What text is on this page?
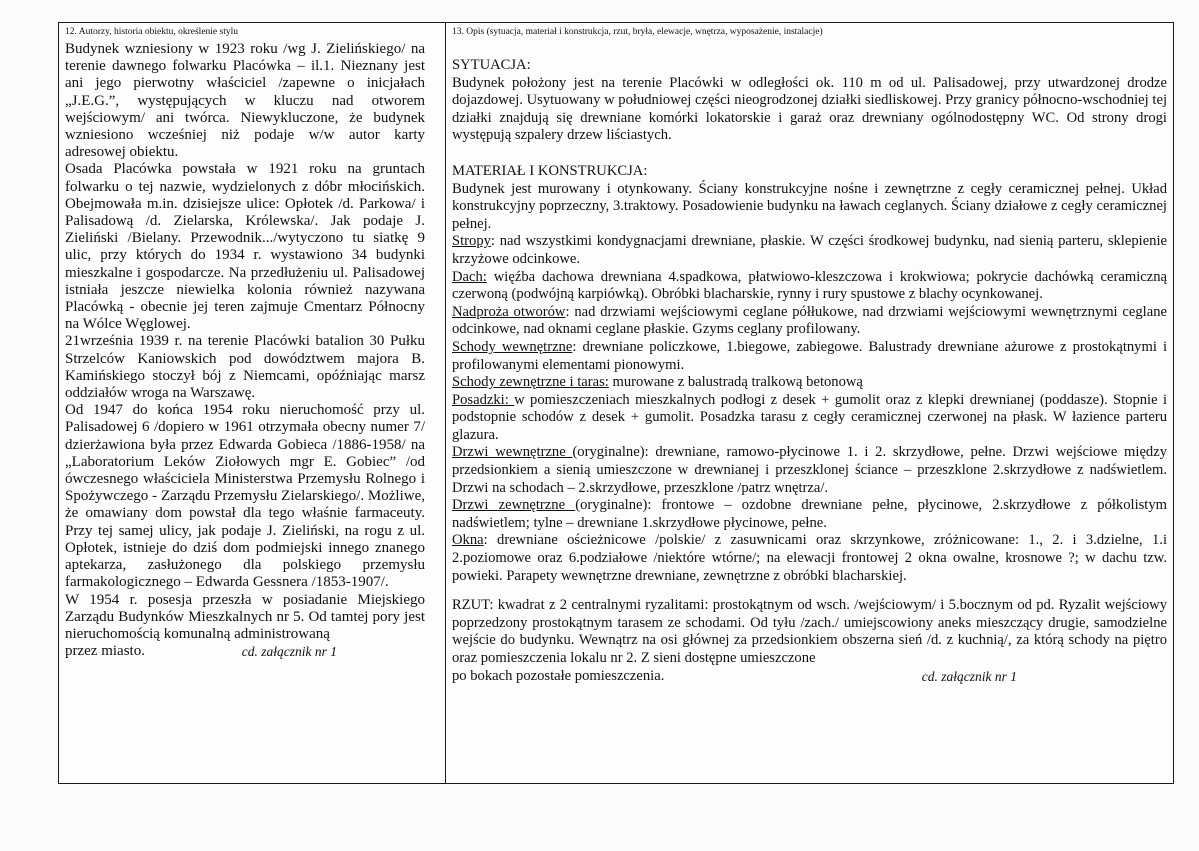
12. Autorzy, historia obiektu, określenie stylu

Budynek wzniesiony w 1923 roku /wg J. Zielińskiego/ na terenie dawnego folwarku Placówka – il.1. Nieznany jest ani jego pierwotny właściciel /zapewne o inicjałach „J.E.G.”, występujących w kluczu nad otworem wejściowym/ ani twórca. Niewykluczone, że budynek wzniesiono wcześniej niż podaje w/w autor karty adresowej obiektu.

Osada Placówka powstała w 1921 roku na gruntach folwarku o tej nazwie, wydzielonych z dóbr młocińskich. Obejmowała m.in. dzisiejsze ulice: Opłotek /d. Parkowa/ i Palisadową /d. Zielarska, Królewska/. Jak podaje J. Zieliński /Bielany. Przewodnik.../wytyczono tu siatkę 9 ulic, przy których do 1934 r. wystawiono 34 budynki mieszkalne i gospodarcze. Na przedłużeniu ul. Palisadowej istniała jeszcze niewielka kolonia również nazywana Placówką - obecnie jej teren zajmuje Cmentarz Północny na Wólce Węglowej.

21września 1939 r. na terenie Placówki batalion 30 Pułku Strzelców Kaniowskich pod dowództwem majora B. Kamińskiego stoczył bój z Niemcami, opóźniając marsz oddziałów wroga na Warszawę.

Od 1947 do końca 1954 roku nieruchomość przy ul. Palisadowej 6 /dopiero w 1961 otrzymała obecny numer 7/ dzierżawiona była przez Edwarda Gobieca /1886-1958/ na „Laboratorium Leków Ziołowych mgr E. Gobiec” /od ówczesnego właściciela Ministerstwa Przemysłu Rolnego i Spożywczego - Zarządu Przemysłu Zielarskiego/. Możliwe, że omawiany dom powstał dla tego właśnie farmaceuty. Przy tej samej ulicy, jak podaje J. Zieliński, na rogu z ul. Opłotek, istnieje do dziś dom podmiejski innego znanego aptekarza, zasłużonego dla polskiego przemysłu farmakologicznego – Edwarda Gessnera /1853-1907/.

W 1954 r. posesja przeszła w posiadanie Miejskiego Zarządu Budynków Mieszkalnych nr 5. Od tamtej pory jest nieruchomością komunalną administrowaną

przez miasto.	cd. załącznik nr 1
13. Opis (sytuacja, materiał i konstrukcja, rzut, bryła, elewacje, wnętrza, wyposażenie, instalacje)

SYTUACJA:

Budynek położony jest na terenie Placówki w odległości ok. 110 m od ul. Palisadowej, przy utwardzonej drodze dojazdowej. Usytuowany w południowej części nieogrodzonej działki siedliskowej. Przy granicy północno-wschodniej tej działki znajdują się drewniane komórki lokatorskie i garaż oraz drewniany ogólnodostępny WC. Od strony drogi występują szpalery drzew liściastych.

MATERIAŁ I KONSTRUKCJA:

Budynek jest murowany i otynkowany. Ściany konstrukcyjne nośne i zewnętrzne z cegły ceramicznej pełnej. Układ konstrukcyjny poprzeczny, 3.traktowy. Posadowienie budynku na ławach ceglanych. Ściany działowe z cegły ceramicznej pełnej.

Stropy: nad wszystkimi kondygnacjami drewniane, płaskie. W części środkowej budynku, nad sienią parteru, sklepienie krzyżowe odcinkowe.

Dach: więźba dachowa drewniana 4.spadkowa, płatwiowo-kleszczowa i krokwiowa; pokrycie dachówką ceramiczną czerwoną (podwójną karpiówką). Obróbki blacharskie, rynny i rury spustowe z blachy ocynkowanej.

Nadproża otworów: nad drzwiami wejściowymi ceglane półłukowe, nad drzwiami wejściowymi wewnętrznymi ceglane odcinkowe, nad oknami ceglane płaskie. Gzyms ceglany profilowany.

Schody wewnętrzne: drewniane policzkowe, 1.biegowe, zabiegowe. Balustrady drewniane ażurowe z prostokątnymi i profilowanymi elementami pionowymi.

Schody zewnętrzne i taras: murowane z balustradą tralkową betonową

Posadzki: w pomieszczeniach mieszkalnych podłogi z desek + gumolit oraz z klepki drewnianej (poddasze). Stopnie i podstopnie schodów z desek + gumolit. Posadzka tarasu z cegły ceramicznej czerwonej na płask. W łazience parteru glazura.

Drzwi wewnętrzne (oryginalne): drewniane, ramowo-płycinowe 1. i 2. skrzydłowe, pełne. Drzwi wejściowe między przedsionkiem a sienią umieszczone w drewnianej i przeszklonej ściance – przeszklone 2.skrzydłowe z nadświetlem. Drzwi na schodach – 2.skrzydłowe, przeszklone /patrz wnętrza/.

Drzwi zewnętrzne (oryginalne): frontowe – ozdobne drewniane pełne, płycinowe, 2.skrzydłowe z półkolistym nadświetlem; tylne – drewniane 1.skrzydłowe płycinowe, pełne.

Okna: drewniane ościeżnicowe /polskie/ z zasuwnicami oraz skrzynkowe, zróżnicowane: 1., 2. i 3.dzielne, 1.i 2.poziomowe oraz 6.podziałowe /niektóre wtórne/; na elewacji frontowej 2 okna owalne, krosnowe ?; w dachu tzw. powieki. Parapety wewnętrzne drewniane, zewnętrzne z obróbki blacharskiej.

RZUT: kwadrat z 2 centralnymi ryzalitami: prostokątnym od wsch. /wejściowym/ i 5.bocznym od pd. Ryzalit wejściowy poprzedzony prostokątnym tarasem ze schodami. Od tyłu /zach./ umiejscowiony aneks mieszczący drugie, samodzielne wejście do budynku. Wewnątrz na osi głównej za przedsionkiem obszerna sień /d. z kuchnią/, za którą schody na piętro oraz pomieszczenia lokalu nr 2. Z sieni dostępne umieszczone

po bokach pozostałe pomieszczenia.	cd. załącznik nr 1
